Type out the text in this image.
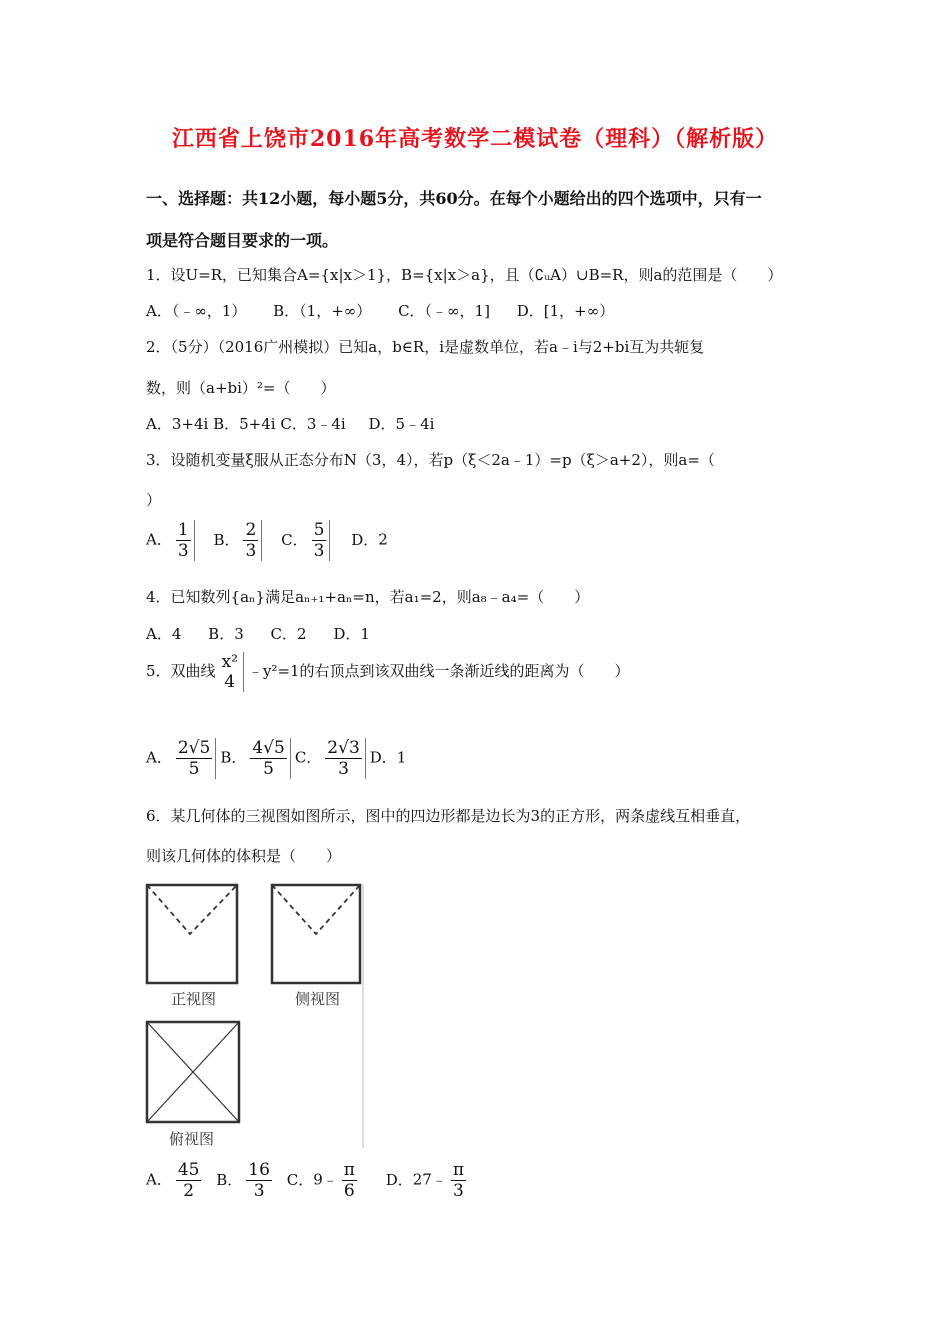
江西省上饶市2016年高考数学二模试卷（理科）（解析版）
一、选择题：共12小题，每小题5分，共60分。在每个小题给出的四个选项中，只有一
项是符合题目要求的一项。
1．设U=R，已知集合A={x|x＞1}，B={x|x＞a}，且（∁ᵤA）∪B=R，则a的范围是（　　）
A．（﹣∞，1） B．（1，+∞） C．（﹣∞，1] D．[1，+∞）
2．（5分）（2016广州模拟）已知a，b∈R，i是虚数单位，若a﹣i与2+bi互为共轭复
数，则（a+bi）²=（　　）
A．3+4i B．5+4i C．3﹣4i D．5﹣4i
3．设随机变量ξ服从正态分布N（3，4），若p（ξ＜2a﹣1）=p（ξ＞a+2），则a=（
）
A． $\frac{1}{3}$ B． $\frac{2}{3}$ C． $\frac{5}{3}$ D．2
4．已知数列{aₙ}满足aₙ₊₁+aₙ=n，若a₁=2，则a₈﹣a₄=（　　）
A．4 B．3 C．2 D．1
5．双曲线 x²
4
﹣y²=1的右顶点到该双曲线一条渐近线的距离为（　　）
A． $\frac{2√5}{5}$ B． $\frac{4√5}{5}$ C． $\frac{2√3}{3}$ D．1
6．某几何体的三视图如图所示，图中的四边形都是边长为3的正方形，两条虚线互相垂直，
则该几何体的体积是（　　）
正视图	侧视图
俯视图
A． $\frac{45}{2}$ B． $\frac{16}{3}$ C．9﹣ $\frac{\pi}{6}$ D．27﹣ $\frac{\pi}{3}$
